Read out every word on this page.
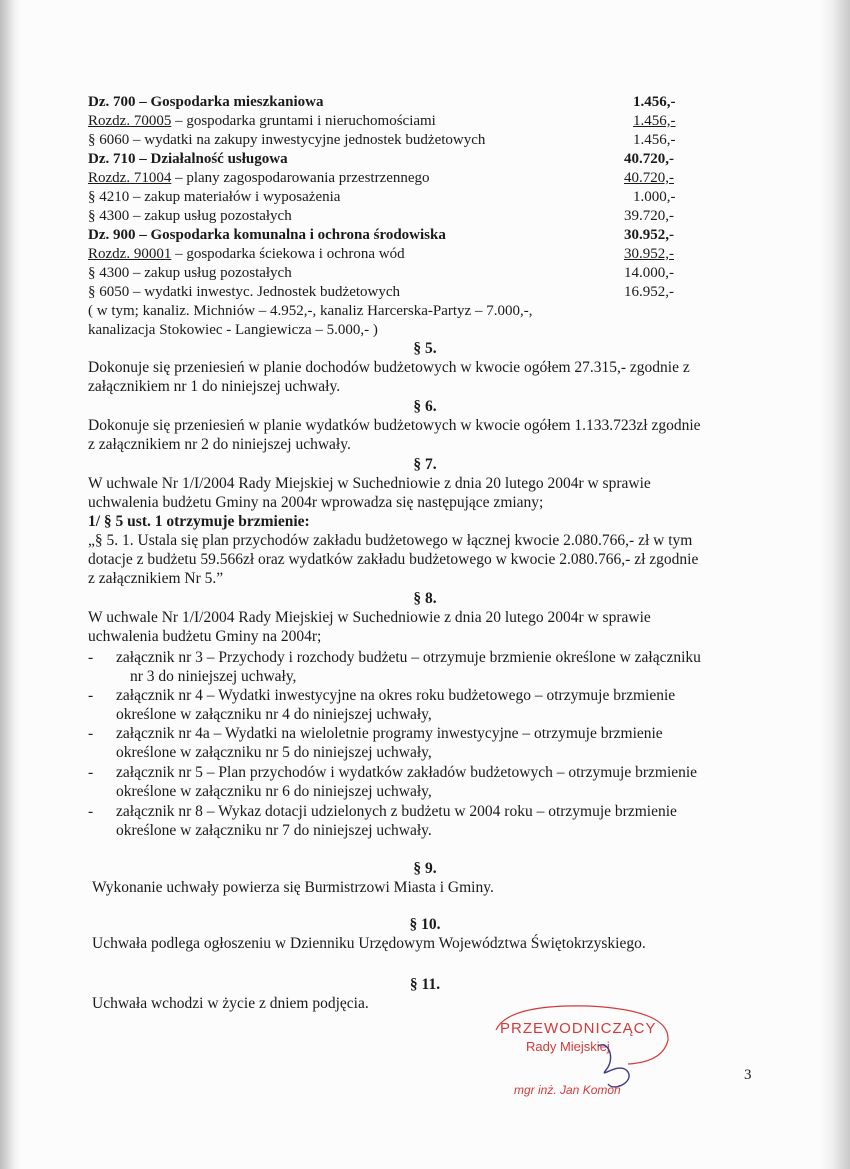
Dz. 700 – Gospodarka mieszkaniowa	1.456,-
Rozdz. 70005 – gospodarka gruntami i nieruchomościami	1.456,-
§ 6060 – wydatki na zakupy inwestycyjne jednostek budżetowych	1.456,-
Dz. 710 – Działalność usługowa	40.720,-
Rozdz. 71004 – plany zagospodarowania przestrzennego	40.720,-
§ 4210 – zakup materiałów i wyposażenia	1.000,-
§ 4300 – zakup usług pozostałych	39.720,-
Dz. 900 – Gospodarka komunalna i ochrona środowiska	30.952,-
Rozdz. 90001 – gospodarka ściekowa i ochrona wód	30.952,-
§ 4300 – zakup usług pozostałych	14.000,-
§ 6050 – wydatki inwestyc. Jednostek budżetowych	16.952,-
( w tym; kanaliz. Michniów – 4.952,-, kanaliz Harcerska-Partyz – 7.000,-,
kanalizacja Stokowiec - Langiewicza – 5.000,- )
§ 5.
Dokonuje się przeniesień w planie dochodów budżetowych w kwocie ogółem 27.315,- zgodnie z
załącznikiem nr 1 do niniejszej uchwały.
§ 6.
Dokonuje się przeniesień w planie wydatków budżetowych w kwocie ogółem 1.133.723zł zgodnie
z załącznikiem nr 2 do niniejszej uchwały.
§ 7.
W uchwale Nr 1/I/2004 Rady Miejskiej w Suchedniowie z dnia 20 lutego 2004r w sprawie
uchwalenia budżetu Gminy na 2004r wprowadza się następujące zmiany;
1/ § 5 ust. 1 otrzymuje brzmienie:
„§ 5. 1. Ustala się plan przychodów zakładu budżetowego w łącznej kwocie 2.080.766,- zł w tym
dotacje z budżetu 59.566zł oraz wydatków zakładu budżetowego w kwocie 2.080.766,- zł zgodnie
z załącznikiem Nr 5.”
§ 8.
W uchwale Nr 1/I/2004 Rady Miejskiej w Suchedniowie z dnia 20 lutego 2004r w sprawie
uchwalenia budżetu Gminy na 2004r;
- załącznik nr 3 – Przychody i rozchody budżetu – otrzymuje brzmienie określone w załączniku
nr 3 do niniejszej uchwały,
- załącznik nr 4 – Wydatki inwestycyjne na okres roku budżetowego – otrzymuje brzmienie
określone w załączniku nr 4 do niniejszej uchwały,
- załącznik nr 4a – Wydatki na wieloletnie programy inwestycyjne – otrzymuje brzmienie
określone w załączniku nr 5 do niniejszej uchwały,
- załącznik nr 5 – Plan przychodów i wydatków zakładów budżetowych – otrzymuje brzmienie
określone w załączniku nr 6 do niniejszej uchwały,
- załącznik nr 8 – Wykaz dotacji udzielonych z budżetu w 2004 roku – otrzymuje brzmienie
określone w załączniku nr 7 do niniejszej uchwały.
§ 9.
Wykonanie uchwały powierza się Burmistrzowi Miasta i Gminy.
§ 10.
Uchwała podlega ogłoszeniu w Dzienniku Urzędowym Województwa Świętokrzyskiego.
§ 11.
Uchwała wchodzi w życie z dniem podjęcia.
PRZEWODNICZĄCY
Rady Miejskiej
mgr inż. Jan Komoń
3
